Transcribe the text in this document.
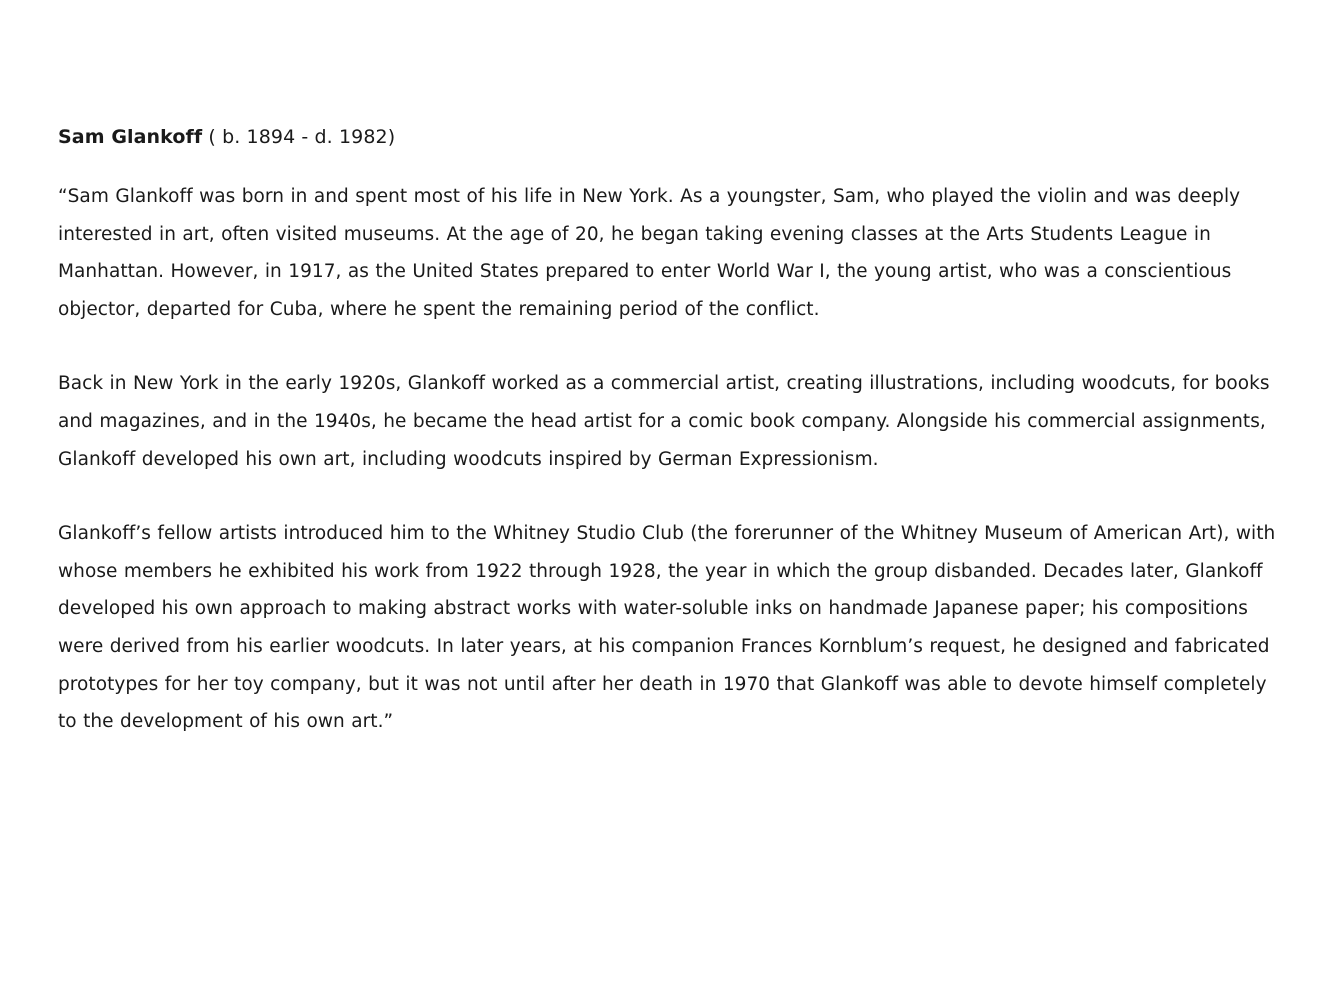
Sam Glankoff ( b. 1894 - d. 1982)

“Sam Glankoff was born in and spent most of his life in New York. As a youngster, Sam, who played the violin and was deeply interested in art, often visited museums. At the age of 20, he began taking evening classes at the Arts Students League in Manhattan. However, in 1917, as the United States prepared to enter World War I, the young artist, who was a conscientious objector, departed for Cuba, where he spent the remaining period of the conflict.

Back in New York in the early 1920s, Glankoff worked as a commercial artist, creating illustrations, including woodcuts, for books and magazines, and in the 1940s, he became the head artist for a comic book company. Alongside his commercial assignments, Glankoff developed his own art, including woodcuts inspired by German Expressionism.

Glankoff’s fellow artists introduced him to the Whitney Studio Club (the forerunner of the Whitney Museum of American Art), with whose members he exhibited his work from 1922 through 1928, the year in which the group disbanded. Decades later, Glankoff developed his own approach to making abstract works with water-soluble inks on handmade Japanese paper; his compositions were derived from his earlier woodcuts. In later years, at his companion Frances Kornblum’s request, he designed and fabricated prototypes for her toy company, but it was not until after her death in 1970 that Glankoff was able to devote himself completely to the development of his own art.”
